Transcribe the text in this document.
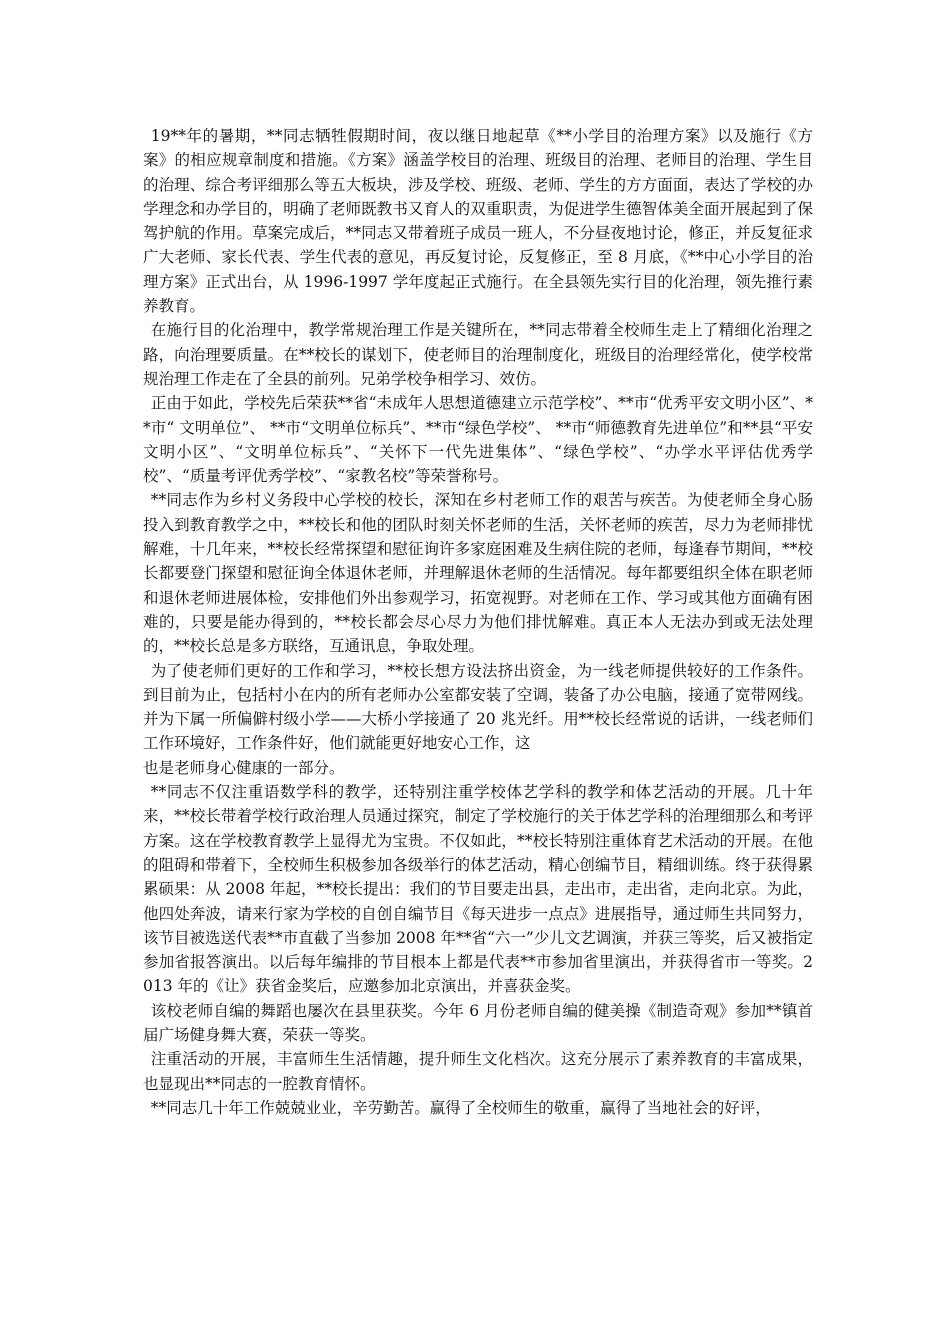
19**年的暑期，**同志牺牲假期时间，夜以继日地起草《**小学目的治理方案》以及施行《方案》的相应规章制度和措施。《方案》涵盖学校目的治理、班级目的治理、老师目的治理、学生目的治理、综合考评细那么等五大板块，涉及学校、班级、老师、学生的方方面面，表达了学校的办学理念和办学目的，明确了老师既教书又育人的双重职责，为促进学生德智体美全面开展起到了保驾护航的作用。草案完成后，**同志又带着班子成员一班人，不分昼夜地讨论，修正，并反复征求广大老师、家长代表、学生代表的意见，再反复讨论，反复修正，至 8 月底，《**中心小学目的治理方案》正式出台，从 1996-1997 学年度起正式施行。在全县领先实行目的化治理，领先推行素养教育。

在施行目的化治理中，教学常规治理工作是关键所在，**同志带着全校师生走上了精细化治理之路，向治理要质量。在**校长的谋划下，使老师目的治理制度化，班级目的治理经常化，使学校常规治理工作走在了全县的前列。兄弟学校争相学习、效仿。

正由于如此，学校先后荣获**省“未成年人思想道德建立示范学校”、**市“优秀平安文明小区”、**市“ 文明单位”、 **市“文明单位标兵”、**市“绿色学校”、 **市“师德教育先进单位”和**县“平安文明小区”、“文明单位标兵”、“关怀下一代先进集体”、“绿色学校”、“办学水平评估优秀学校”、“质量考评优秀学校”、“家教名校”等荣誉称号。

**同志作为乡村义务段中心学校的校长，深知在乡村老师工作的艰苦与疾苦。为使老师全身心肠投入到教育教学之中，**校长和他的团队时刻关怀老师的生活，关怀老师的疾苦，尽力为老师排忧解难，十几年来，**校长经常探望和慰征询许多家庭困难及生病住院的老师，每逢春节期间，**校长都要登门探望和慰征询全体退休老师，并理解退休老师的生活情况。每年都要组织全体在职老师和退休老师进展体检，安排他们外出参观学习，拓宽视野。对老师在工作、学习或其他方面确有困难的，只要是能办得到的，**校长都会尽心尽力为他们排忧解难。真正本人无法办到或无法处理的，**校长总是多方联络，互通讯息，争取处理。

为了使老师们更好的工作和学习，**校长想方设法挤出资金，为一线老师提供较好的工作条件。到目前为止，包括村小在内的所有老师办公室都安装了空调，装备了办公电脑，接通了宽带网线。并为下属一所偏僻村级小学——大桥小学接通了 20 兆光纤。用**校长经常说的话讲，一线老师们工作环境好，工作条件好，他们就能更好地安心工作，这

也是老师身心健康的一部分。

**同志不仅注重语数学科的教学，还特别注重学校体艺学科的教学和体艺活动的开展。几十年来，**校长带着学校行政治理人员通过探究，制定了学校施行的关于体艺学科的治理细那么和考评方案。这在学校教育教学上显得尤为宝贵。不仅如此，**校长特别注重体育艺术活动的开展。在他的阻碍和带着下，全校师生积极参加各级举行的体艺活动，精心创编节目，精细训练。终于获得累累硕果：从 2008 年起，**校长提出：我们的节目要走出县，走出市，走出省，走向北京。为此，他四处奔波，请来行家为学校的自创自编节目《每天进步一点点》进展指导，通过师生共同努力，该节目被选送代表**市直截了当参加 2008 年**省“六一”少儿文艺调演，并获三等奖，后又被指定参加省报答演出。以后每年编排的节目根本上都是代表**市参加省里演出，并获得省市一等奖。2013 年的《让》获省金奖后，应邀参加北京演出，并喜获金奖。

该校老师自编的舞蹈也屡次在县里获奖。今年 6 月份老师自编的健美操《制造奇观》参加**镇首届广场健身舞大赛，荣获一等奖。

注重活动的开展，丰富师生生活情趣，提升师生文化档次。这充分展示了素养教育的丰富成果，也显现出**同志的一腔教育情怀。

**同志几十年工作兢兢业业，辛劳勤苦。赢得了全校师生的敬重，赢得了当地社会的好评，
